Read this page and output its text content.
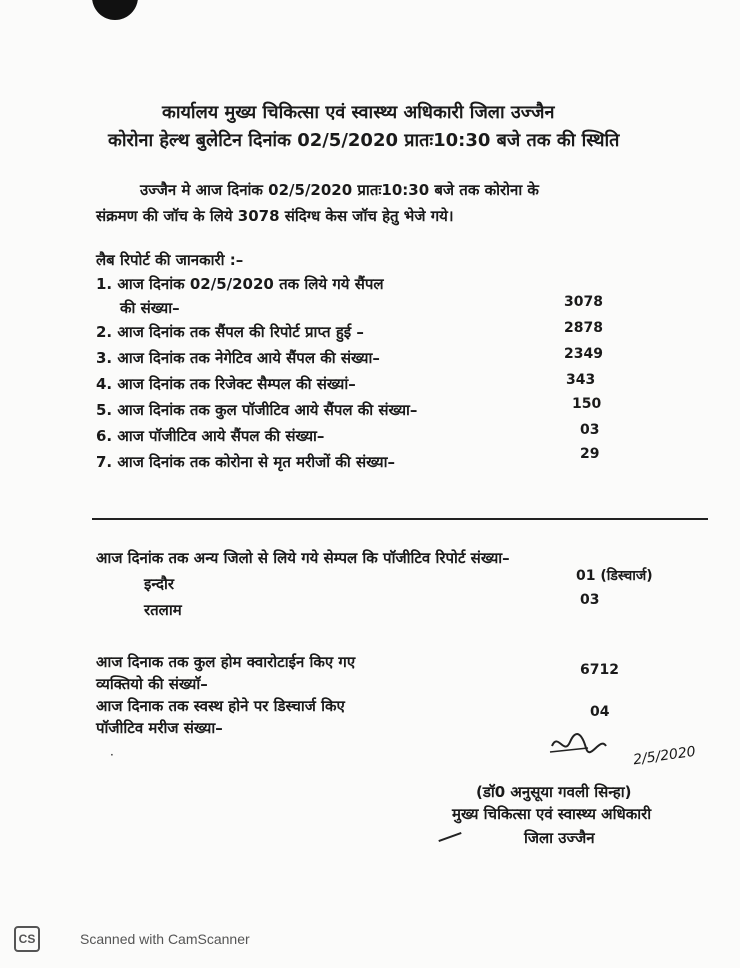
कार्यालय मुख्य चिकित्सा एवं स्वास्थ्य अधिकारी जिला उज्जैन
कोरोना हेल्थ बुलेटिन दिनांक 02/5/2020 प्रातः10:30 बजे तक की स्थिति
उज्जैन मे आज दिनांक 02/5/2020 प्रातः10:30 बजे तक कोरोना के
संक्रमण की जॉच के लिये 3078 संदिग्ध केस जॉच हेतु भेजे गये।
लैब रिपोर्ट की जानकारी :–
1. आज दिनांक 02/5/2020 तक लिये गये सैंपल
की संख्या–	3078
2. आज दिनांक तक सैंपल की रिपोर्ट प्राप्त हुई –	2878
3. आज दिनांक तक नेगेटिव आये सैंपल की संख्या–	2349
4. आज दिनांक तक रिजेक्ट सैम्पल की संख्यां–	343
5. आज दिनांक तक कुल पॉजीटिव आये सैंपल की संख्या–	150
6. आज पॉजीटिव आये सैंपल की संख्या–	03
7. आज दिनांक तक कोरोना से मृत मरीजों की संख्या–	29
आज दिनांक तक अन्य जिलो से लिये गये सेम्पल कि पॉजीटिव रिपोर्ट संख्या–
इन्दौर	01 (डिस्चार्ज)
रतलाम
03
आज दिनाक तक कुल होम क्वारोटाईन किए गए
व्यक्तियो की संख्याॅ–
6712
आज दिनाक तक स्वस्थ होने पर डिस्चार्ज किए
पॉजीटिव मरीज संख्या–
04
2/5/2020
·
(डॉ0 अनुसूया गवली सिन्हा)
मुख्य चिकित्सा एवं स्वास्थ्य अधिकारी
जिला उज्जैन
CS	Scanned with CamScanner
